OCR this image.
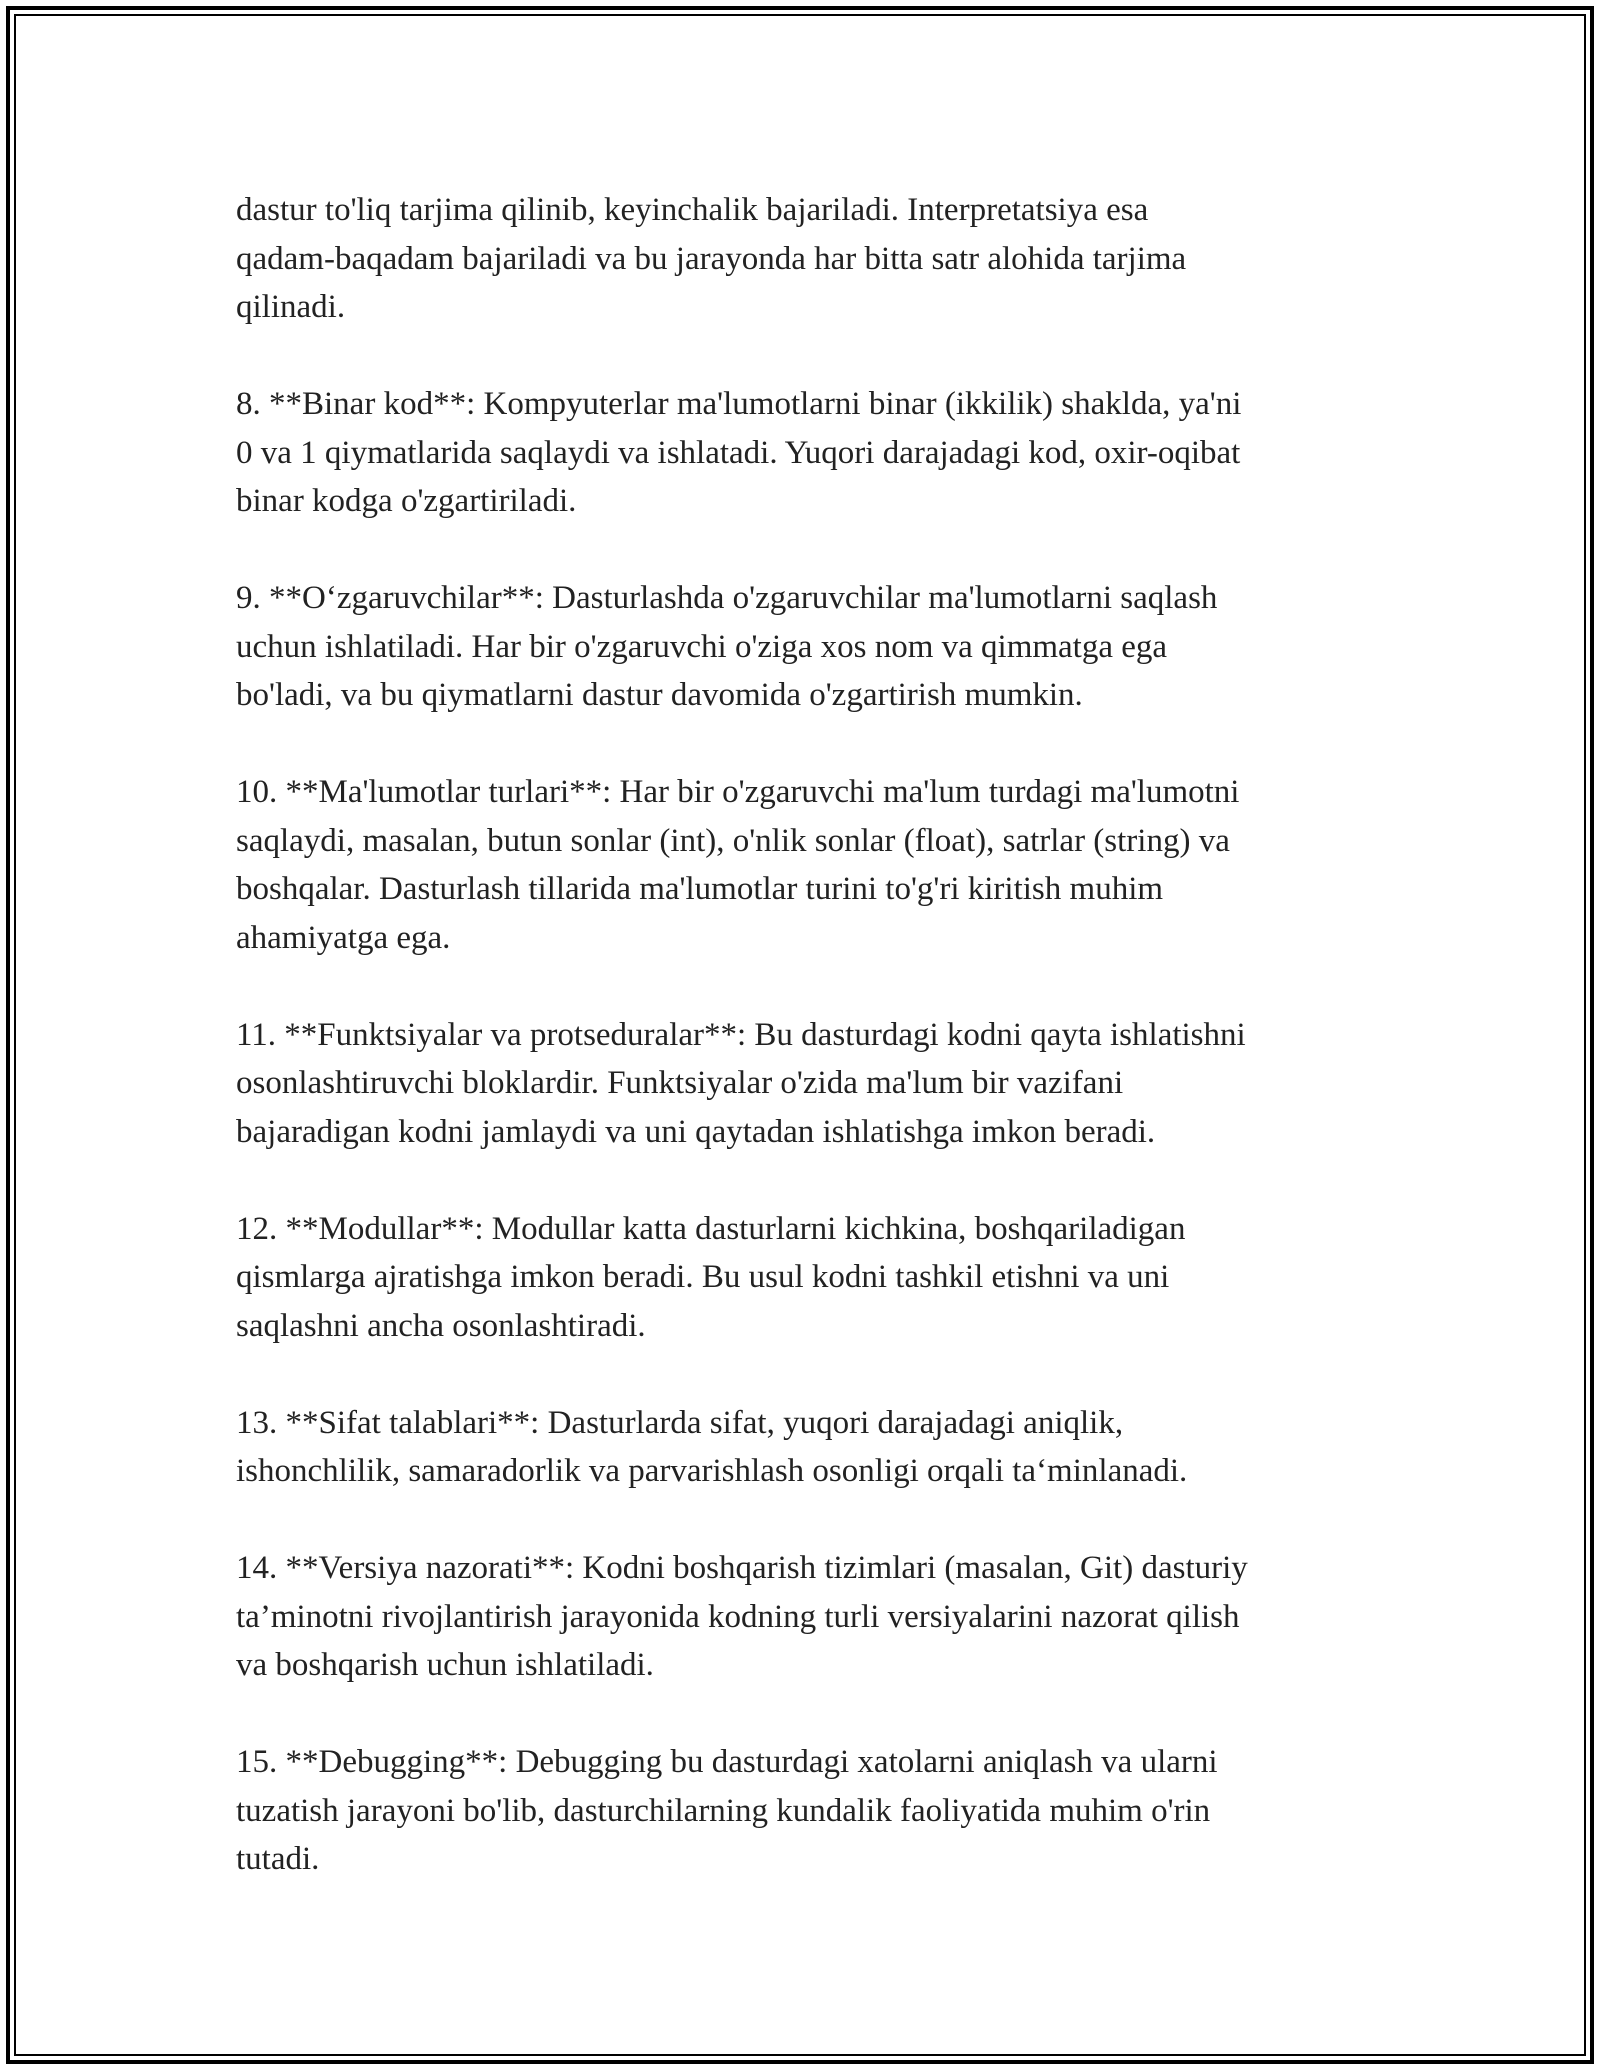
dastur to'liq tarjima qilinib, keyinchalik bajariladi. Interpretatsiya esa
qadam-baqadam bajariladi va bu jarayonda har bitta satr alohida tarjima
qilinadi.
8. **Binar kod**: Kompyuterlar ma'lumotlarni binar (ikkilik) shaklda, ya'ni
0 va 1 qiymatlarida saqlaydi va ishlatadi. Yuqori darajadagi kod, oxir-oqibat
binar kodga o'zgartiriladi.
9. **O‘zgaruvchilar**: Dasturlashda o'zgaruvchilar ma'lumotlarni saqlash
uchun ishlatiladi. Har bir o'zgaruvchi o'ziga xos nom va qimmatga ega
bo'ladi, va bu qiymatlarni dastur davomida o'zgartirish mumkin.
10. **Ma'lumotlar turlari**: Har bir o'zgaruvchi ma'lum turdagi ma'lumotni
saqlaydi, masalan, butun sonlar (int), o'nlik sonlar (float), satrlar (string) va
boshqalar. Dasturlash tillarida ma'lumotlar turini to'g'ri kiritish muhim
ahamiyatga ega.
11. **Funktsiyalar va protseduralar**: Bu dasturdagi kodni qayta ishlatishni
osonlashtiruvchi bloklardir. Funktsiyalar o'zida ma'lum bir vazifani
bajaradigan kodni jamlaydi va uni qaytadan ishlatishga imkon beradi.
12. **Modullar**: Modullar katta dasturlarni kichkina, boshqariladigan
qismlarga ajratishga imkon beradi. Bu usul kodni tashkil etishni va uni
saqlashni ancha osonlashtiradi.
13. **Sifat talablari**: Dasturlarda sifat, yuqori darajadagi aniqlik,
ishonchlilik, samaradorlik va parvarishlash osonligi orqali ta‘minlanadi.
14. **Versiya nazorati**: Kodni boshqarish tizimlari (masalan, Git) dasturiy
ta’minotni rivojlantirish jarayonida kodning turli versiyalarini nazorat qilish
va boshqarish uchun ishlatiladi.
15. **Debugging**: Debugging bu dasturdagi xatolarni aniqlash va ularni
tuzatish jarayoni bo'lib, dasturchilarning kundalik faoliyatida muhim o'rin
tutadi.
